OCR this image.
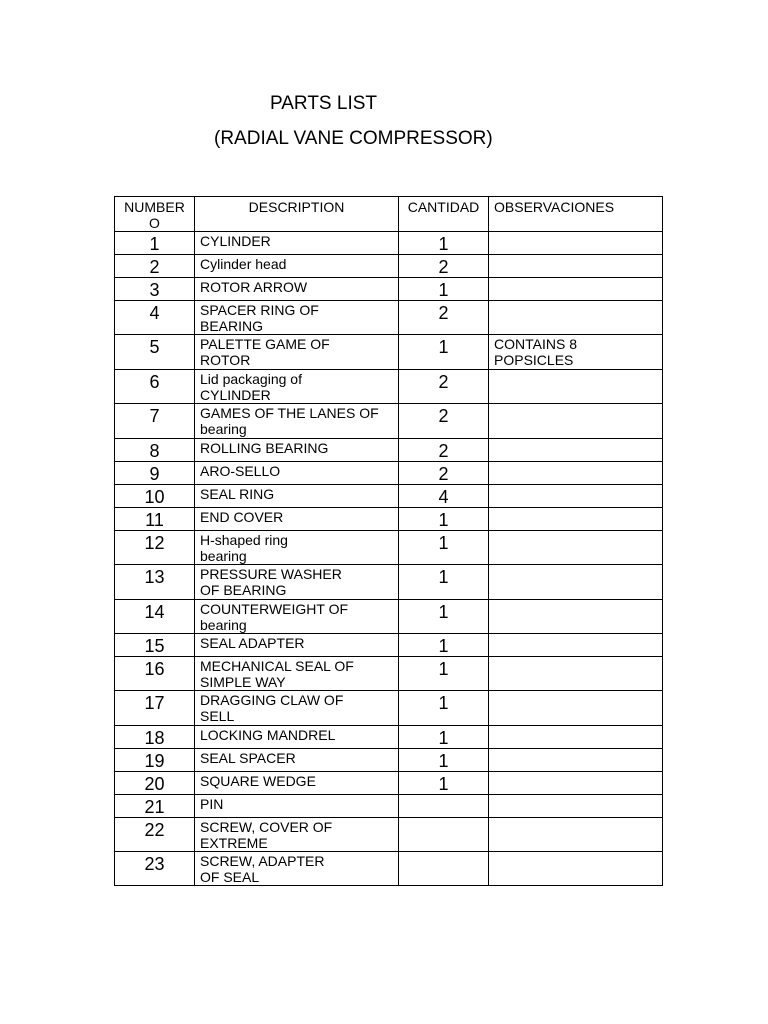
PARTS LIST
(RADIAL VANE COMPRESSOR)
NUMBER
O	DESCRIPTION	CANTIDAD	OBSERVACIONES

1	CYLINDER	1	

2	Cylinder head	2	

3	ROTOR ARROW	1	

4	SPACER RING OF
BEARING	2	

5	PALETTE GAME OF
ROTOR	1	CONTAINS 8
POPSICLES

6	Lid packaging of
CYLINDER	2	

7	GAMES OF THE LANES OF
bearing	2	

8	ROLLING BEARING	2	

9	ARO-SELLO	2	

10	SEAL RING	4	

11	END COVER	1	

12	H-shaped ring
bearing	1	

13	PRESSURE WASHER
OF BEARING	1	

14	COUNTERWEIGHT OF
bearing	1	

15	SEAL ADAPTER	1	

16	MECHANICAL SEAL OF
SIMPLE WAY	1	

17	DRAGGING CLAW OF
SELL	1	

18	LOCKING MANDREL	1	

19	SEAL SPACER	1	

20	SQUARE WEDGE	1	

21	PIN		

22	SCREW, COVER OF
EXTREME		

23	SCREW, ADAPTER
OF SEAL		
